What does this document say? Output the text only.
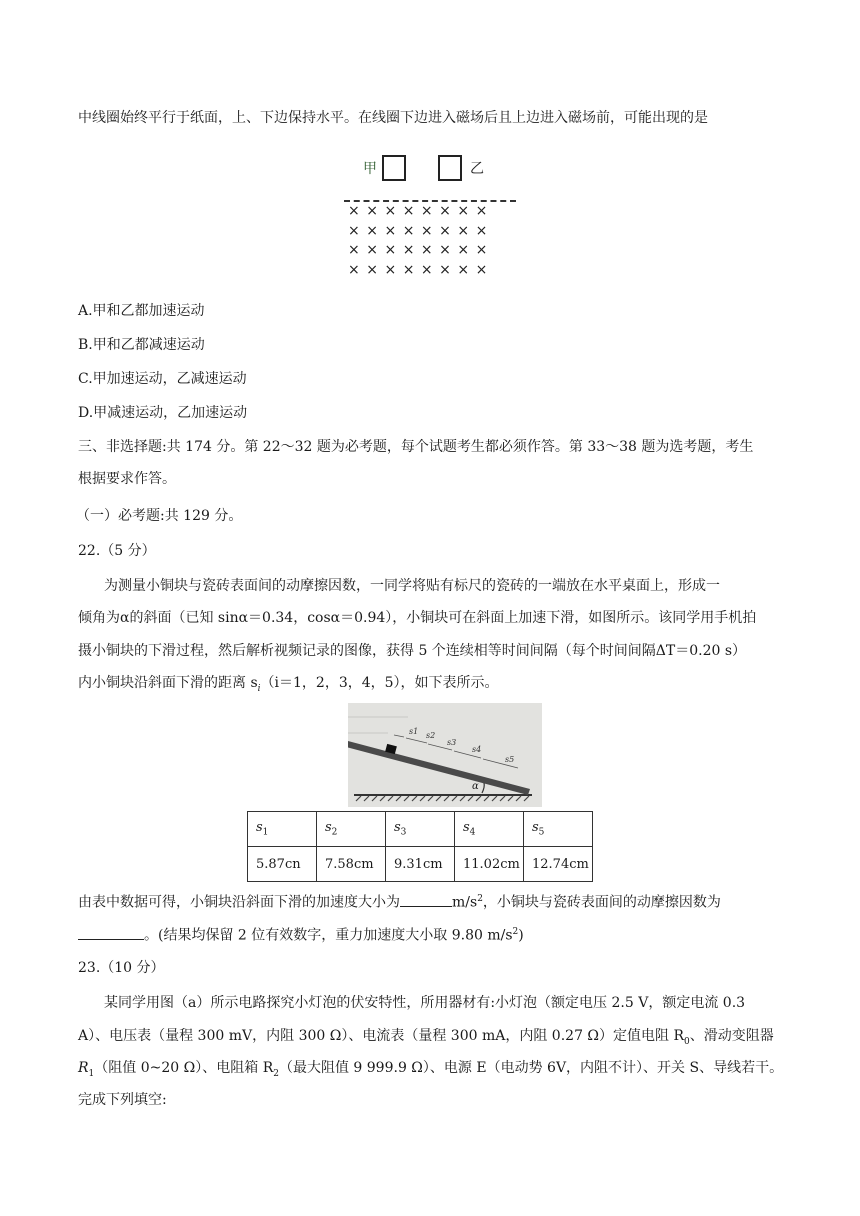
中线圈始终平行于纸面，上、下边保持水平。在线圈下边进入磁场后且上边进入磁场前，可能出现的是
甲	乙
××××××××
××××××××
××××××××
××××××××
A.甲和乙都加速运动
B.甲和乙都减速运动
C.甲加速运动，乙减速运动
D.甲减速运动，乙加速运动
三、非选择题:共 174 分。第 22～32 题为必考题，每个试题考生都必须作答。第 33～38 题为选考题，考生
根据要求作答。
（一）必考题:共 129 分。
22.（5 分）
为测量小铜块与瓷砖表面间的动摩擦因数，一同学将贴有标尺的瓷砖的一端放在水平桌面上，形成一
倾角为α的斜面（已知 sinα＝0.34，cosα＝0.94），小铜块可在斜面上加速下滑，如图所示。该同学用手机拍
摄小铜块的下滑过程，然后解析视频记录的图像，获得 5 个连续相等时间间隔（每个时间间隔ΔT＝0.20 s）
内小铜块沿斜面下滑的距离 $s_i(i=1$，2，3，4，5），如下表所示。
s1 s2
s3
s4
s5
α
$s_1$	$s_2$	$s_3$	$s_4$	$s_5$
5.87cn	7.58cm	9.31cm	11.02cm	12.74cm
由表中数据可得，小铜块沿斜面下滑的加速度大小为	$m/s^2$，小铜块与瓷砖表面间的动摩擦因数为
。(结果均保留 2 位有效数字，重力加速度大小取 9.80 $m/s^2$)
23.（10 分）
某同学用图（a）所示电路探究小灯泡的伏安特性，所用器材有:小灯泡（额定电压 2.5 V，额定电流 0.3
A）、电压表（量程 300 mV，内阻 300 Ω）、电流表（量程 300 mA，内阻 0.27 Ω）定值电阻 $R_0$、滑动变阻器
$R_1$（阻值 0~20 Ω）、电阻箱 $R_2$（最大阻值 9 999.9 Ω）、电源 E（电动势 6V，内阻不计）、开关 S、导线若干。
完成下列填空:
